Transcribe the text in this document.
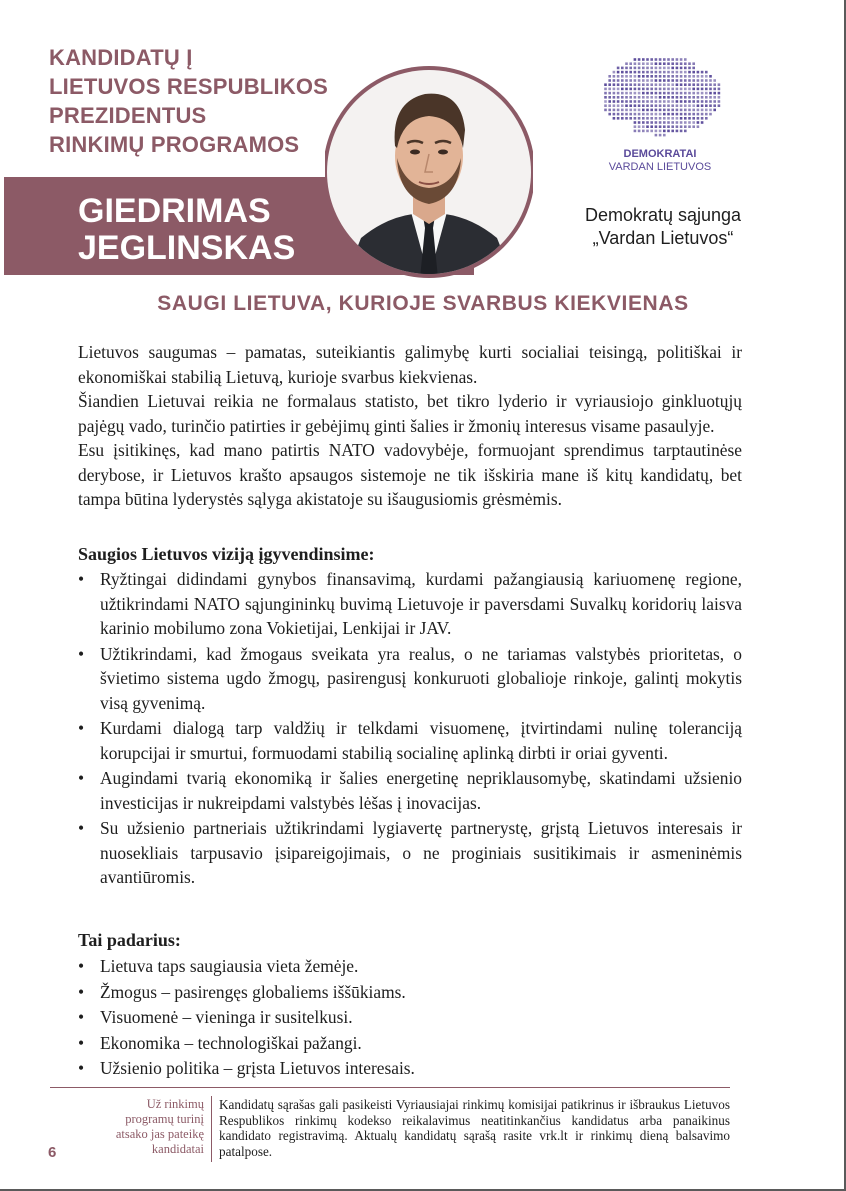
KANDIDATŲ Į
LIETUVOS RESPUBLIKOS
PREZIDENTUS
RINKIMŲ PROGRAMOS
GIEDRIMAS
JEGLINSKAS
DEMOKRATAI
VARDAN LIETUVOS
Demokratų sąjunga
„Vardan Lietuvos“
SAUGI LIETUVA, KURIOJE SVARBUS KIEKVIENAS

Lietuvos saugumas – pamatas, suteikiantis galimybę kurti socialiai teisingą, politiškai ir ekonomiškai stabilią Lietuvą, kurioje svarbus kiekvienas.

Šiandien Lietuvai reikia ne formalaus statisto, bet tikro lyderio ir vyriausiojo ginkluotųjų pajėgų vado, turinčio patirties ir gebėjimų ginti šalies ir žmonių interesus visame pasaulyje.

Esu įsitikinęs, kad mano patirtis NATO vadovybėje, formuojant sprendimus tarptautinėse derybose, ir Lietuvos krašto apsaugos sistemoje ne tik išskiria mane iš kitų kandidatų, bet tampa būtina lyderystės sąlyga akistatoje su išaugusiomis grėsmėmis.

Saugios Lietuvos viziją įgyvendinsime:
• Ryžtingai didindami gynybos finansavimą, kurdami pažangiausią kariuomenę regione, užtikrindami NATO sąjungininkų buvimą Lietuvoje ir paversdami Suvalkų koridorių laisva karinio mobilumo zona Vokietijai, Lenkijai ir JAV.
• Užtikrindami, kad žmogaus sveikata yra realus, o ne tariamas valstybės prioritetas, o švietimo sistema ugdo žmogų, pasirengusį konkuruoti globalioje rinkoje, galintį mokytis visą gyvenimą.
• Kurdami dialogą tarp valdžių ir telkdami visuomenę, įtvirtindami nulinę toleranciją korupcijai ir smurtui, formuodami stabilią socialinę aplinką dirbti ir oriai gyventi.
• Augindami tvarią ekonomiką ir šalies energetinę nepriklausomybę, skatindami užsienio investicijas ir nukreipdami valstybės lėšas į inovacijas.
• Su užsienio partneriais užtikrindami lygiavertę partnerystę, grįstą Lietuvos interesais ir nuosekliais tarpusavio įsipareigojimais, o ne proginiais susitikimais ir asmeninėmis avantiūromis.
Tai padarius:
• Lietuva taps saugiausia vieta žemėje.
• Žmogus – pasirengęs globaliems iššūkiams.
• Visuomenė – vieninga ir susitelkusi.
• Ekonomika – technologiškai pažangi.
• Užsienio politika – grįsta Lietuvos interesais.
Už rinkimų
programų turinį
atsako jas pateikę
kandidatai
Kandidatų sąrašas gali pasikeisti Vyriausiajai rinkimų komisijai patikrinus ir išbraukus Lietuvos Respublikos rinkimų kodekso reikalavimus neatitinkančius kandidatus arba panaikinus kandidato registravimą. Aktualų kandidatų sąrašą rasite vrk.lt ir rinkimų dieną balsavimo patalpose.
6
